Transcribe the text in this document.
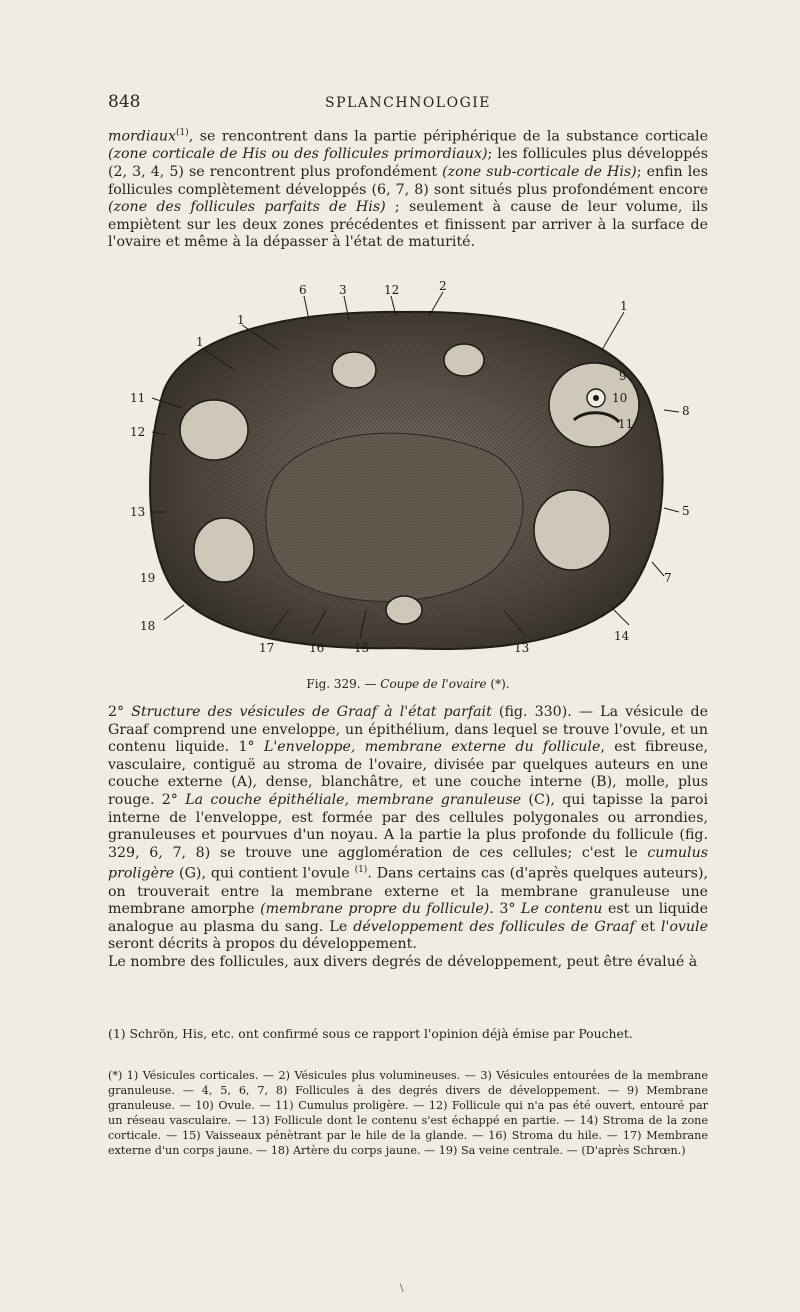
848	SPLANCHNOLOGIE
mordiaux$^{(1)}$, se rencontrent dans la partie périphérique de la substance corticale (zone corticale de His ou des follicules primordiaux); les follicules plus développés (2, 3, 4, 5) se rencontrent plus profondément (zone sub-corticale de His); enfin les follicules complètement développés (6, 7, 8) sont situés plus profondément encore (zone des follicules parfaits de His) ; seulement à cause de leur volume, ils empiètent sur les deux zones précédentes et finissent par arriver à la surface de l'ovaire et même à la dépasser à l'état de maturité.
6	3	12	2
1
1
1
11
12
13
8
9
10
11
5
7
19
18
17	16 15
14
13
Fig. 329. — Coupe de l'ovaire (*).
2° Structure des vésicules de Graaf à l'état parfait (fig. 330). — La vésicule de Graaf comprend une enveloppe, un épithélium, dans lequel se trouve l'ovule, et un contenu liquide. 1° L'enveloppe, membrane externe du follicule, est fibreuse, vasculaire, contiguë au stroma de l'ovaire, divisée par quelques auteurs en une couche externe (A), dense, blanchâtre, et une couche interne (B), molle, plus rouge. 2° La couche épithéliale, membrane granuleuse (C), qui tapisse la paroi interne de l'enveloppe, est formée par des cellules polygonales ou arrondies, granuleuses et pourvues d'un noyau. A la partie la plus profonde du follicule (fig. 329, 6, 7, 8) se trouve une agglomération de ces cellules; c'est le cumulus proligère (G), qui contient l'ovule $^{(1)}$. Dans certains cas (d'après quelques auteurs), on trouverait entre la membrane externe et la membrane granuleuse une membrane amorphe (membrane propre du follicule). 3° Le contenu est un liquide analogue au plasma du sang. Le développement des follicules de Graaf et l'ovule seront décrits à propos du développement.
Le nombre des follicules, aux divers degrés de développement, peut être évalué à
(1) Schrön, His, etc. ont confirmé sous ce rapport l'opinion déjà émise par Pouchet.
(*) 1) Vésicules corticales. — 2) Vésicules plus volumineuses. — 3) Vésicules entourées de la membrane granuleuse. — 4, 5, 6, 7, 8) Follicules à des degrés divers de développement. — 9) Membrane granuleuse. — 10) Ovule. — 11) Cumulus proligère. — 12) Follicule qui n'a pas été ouvert, entouré par un réseau vasculaire. — 13) Follicule dont le contenu s'est échappé en partie. — 14) Stroma de la zone corticale. — 15) Vaisseaux pénètrant par le hile de la glande. — 16) Stroma du hile. — 17) Membrane externe d'un corps jaune. — 18) Artère du corps jaune. — 19) Sa veine centrale. — (D'après Schrœn.)
\
